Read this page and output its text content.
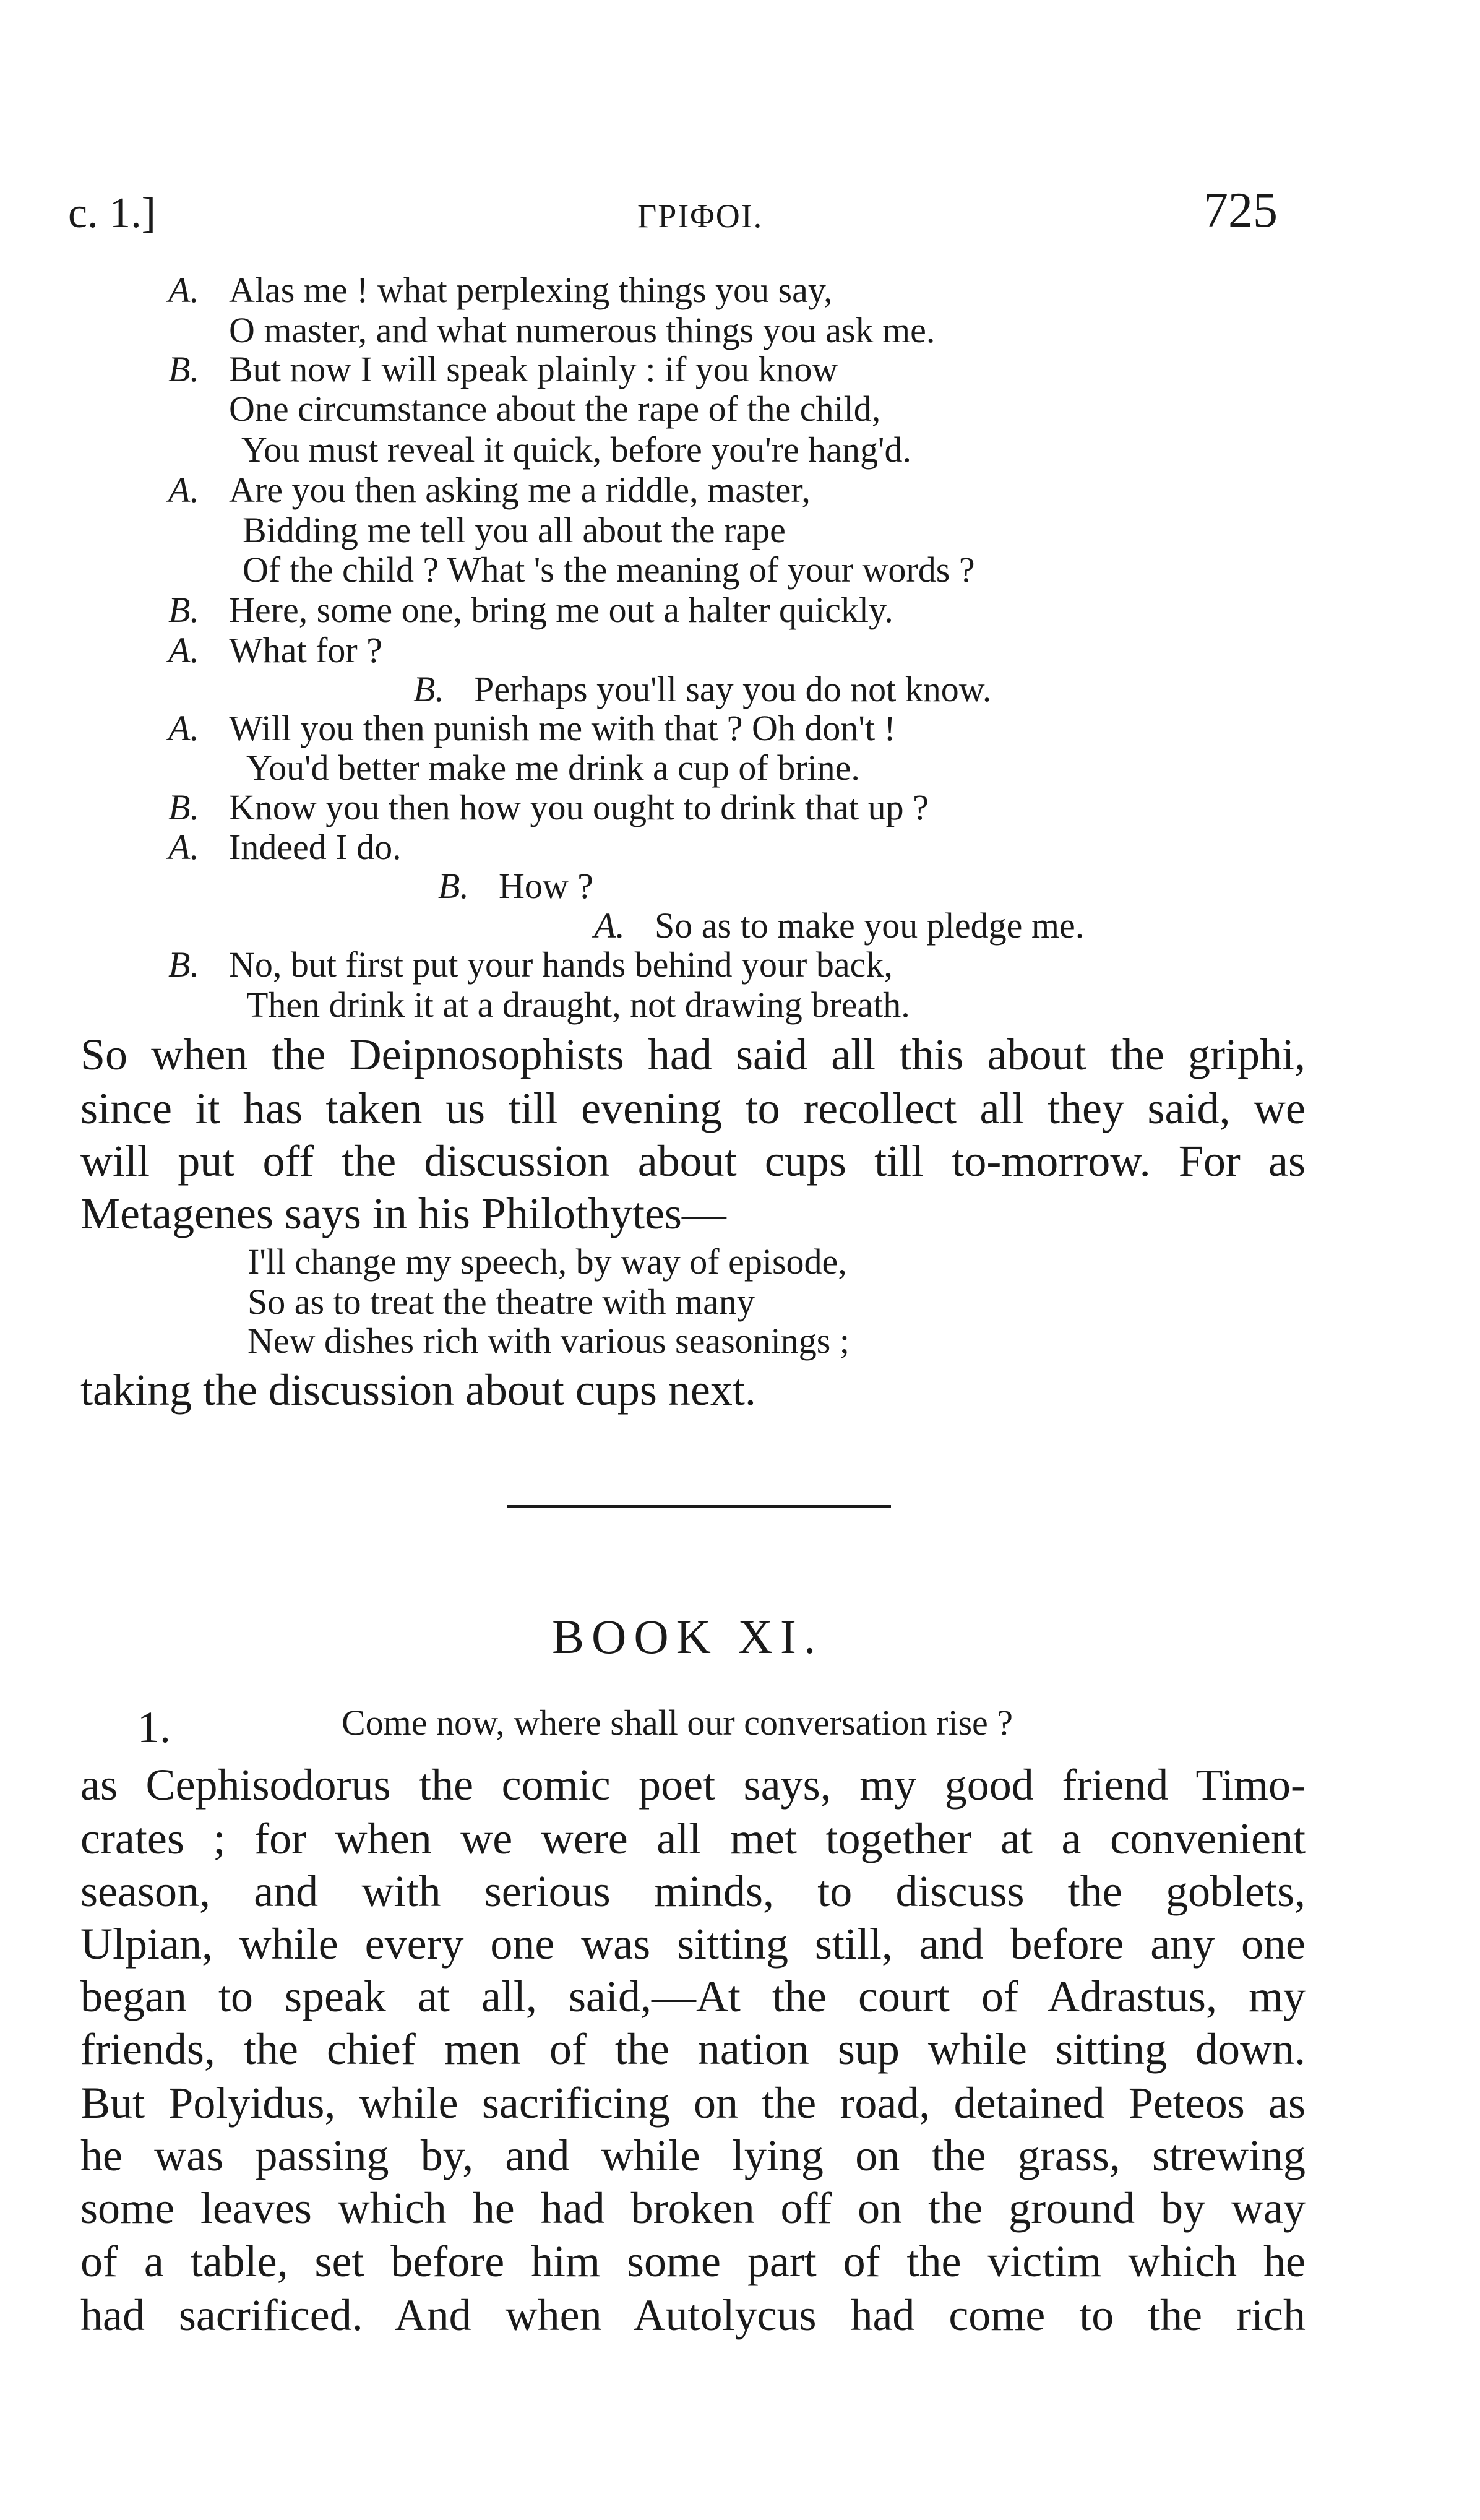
c. 1.]	ΓΡΙΦΟΙ.	725
A. Alas me ! what perplexing things you say,
O master, and what numerous things you ask me.
B. But now I will speak plainly : if you know
One circumstance about the rape of the child,
You must reveal it quick, before you're hang'd.
A. Are you then asking me a riddle, master,
Bidding me tell you all about the rape
Of the child ? What 's the meaning of your words ?
B. Here, some one, bring me out a halter quickly.
A. What for ?
B. Perhaps you'll say you do not know.
A. Will you then punish me with that ? Oh don't !
You'd better make me drink a cup of brine.
B. Know you then how you ought to drink that up ?
A. Indeed I do.
B. How ?
A. So as to make you pledge me.
B. No, but first put your hands behind your back,
Then drink it at a draught, not drawing breath.
So when the Deipnosophists had said all this about the griphi,
since it has taken us till evening to recollect all they said, we
will put off the discussion about cups till to-morrow. For as
Metagenes says in his Philothytes—
I'll change my speech, by way of episode,
So as to treat the theatre with many
New dishes rich with various seasonings ;
taking the discussion about cups next.
BOOK XI.
1.	Come now, where shall our conversation rise ?
as Cephisodorus the comic poet says, my good friend Timo-
crates ; for when we were all met together at a convenient
season, and with serious minds, to discuss the goblets,
Ulpian, while every one was sitting still, and before any one
began to speak at all, said,—At the court of Adrastus, my
friends, the chief men of the nation sup while sitting down.
But Polyidus, while sacrificing on the road, detained Peteos as
he was passing by, and while lying on the grass, strewing
some leaves which he had broken off on the ground by way
of a table, set before him some part of the victim which he
had sacrificed. And when Autolycus had come to the rich
